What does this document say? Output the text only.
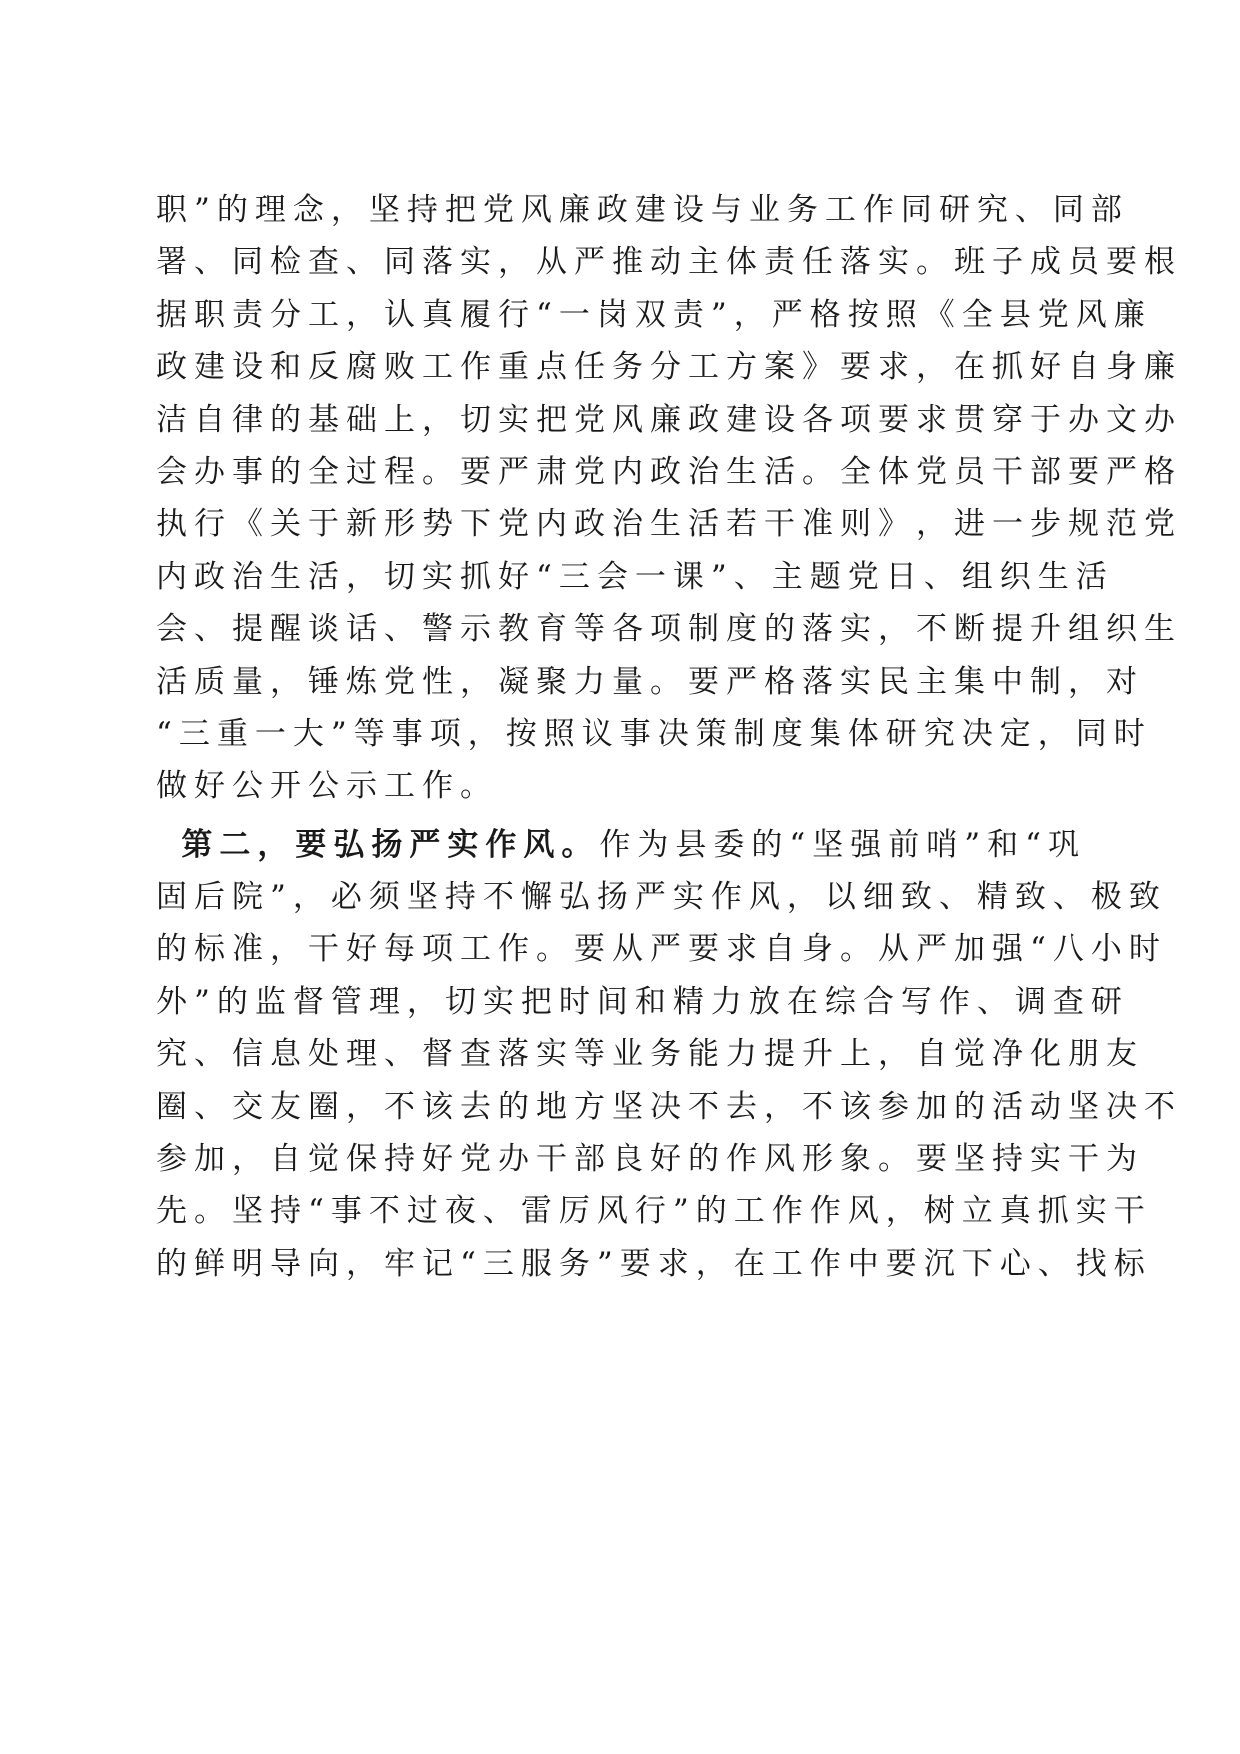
职 ” 的 理 念 ， 坚 持 把 党 风 廉 政 建 设 与 业 务 工 作 同 研 究 、 同 部
署 、 同 检 查 、 同 落 实 ， 从 严 推 动 主 体 责 任 落 实 。 班 子 成 员 要 根
据 职 责 分 工 ， 认 真 履 行 “ 一 岗 双 责 ” ， 严 格 按 照 《 全 县 党 风 廉
政 建 设 和 反 腐 败 工 作 重 点 任 务 分 工 方 案 》 要 求 ， 在 抓 好 自 身 廉
洁 自 律 的 基 础 上 ， 切 实 把 党 风 廉 政 建 设 各 项 要 求 贯 穿 于 办 文 办
会 办 事 的 全 过 程 。 要 严 肃 党 内 政 治 生 活 。 全 体 党 员 干 部 要 严 格
执 行 《 关 于 新 形 势 下 党 内 政 治 生 活 若 干 准 则 》 ， 进 一 步 规 范 党
内 政 治 生 活 ， 切 实 抓 好 “ 三 会 一 课 ” 、 主 题 党 日 、 组 织 生 活
会 、 提 醒 谈 话 、 警 示 教 育 等 各 项 制 度 的 落 实 ， 不 断 提 升 组 织 生
活 质 量 ， 锤 炼 党 性 ， 凝 聚 力 量 。 要 严 格 落 实 民 主 集 中 制 ， 对
“ 三 重 一 大 ” 等 事 项 ， 按 照 议 事 决 策 制 度 集 体 研 究 决 定 ， 同 时
做好公开公示工作。
第 二 ， 要 弘 扬 严 实 作 风 。 作 为 县 委 的 “ 坚 强 前 哨 ” 和 “ 巩
固 后 院 ” ， 必 须 坚 持 不 懈 弘 扬 严 实 作 风 ， 以 细 致 、 精 致 、 极 致
的 标 准 ， 干 好 每 项 工 作 。 要 从 严 要 求 自 身 。 从 严 加 强 “ 八 小 时
外 ” 的 监 督 管 理 ， 切 实 把 时 间 和 精 力 放 在 综 合 写 作 、 调 查 研
究 、 信 息 处 理 、 督 查 落 实 等 业 务 能 力 提 升 上 ， 自 觉 净 化 朋 友
圈 、 交 友 圈 ， 不 该 去 的 地 方 坚 决 不 去 ， 不 该 参 加 的 活 动 坚 决 不
参 加 ， 自 觉 保 持 好 党 办 干 部 良 好 的 作 风 形 象 。 要 坚 持 实 干 为
先 。 坚 持 “ 事 不 过 夜 、 雷 厉 风 行 ” 的 工 作 作 风 ， 树 立 真 抓 实 干
的 鲜 明 导 向 ， 牢 记 “ 三 服 务 ” 要 求 ， 在 工 作 中 要 沉 下 心 、 找 标
